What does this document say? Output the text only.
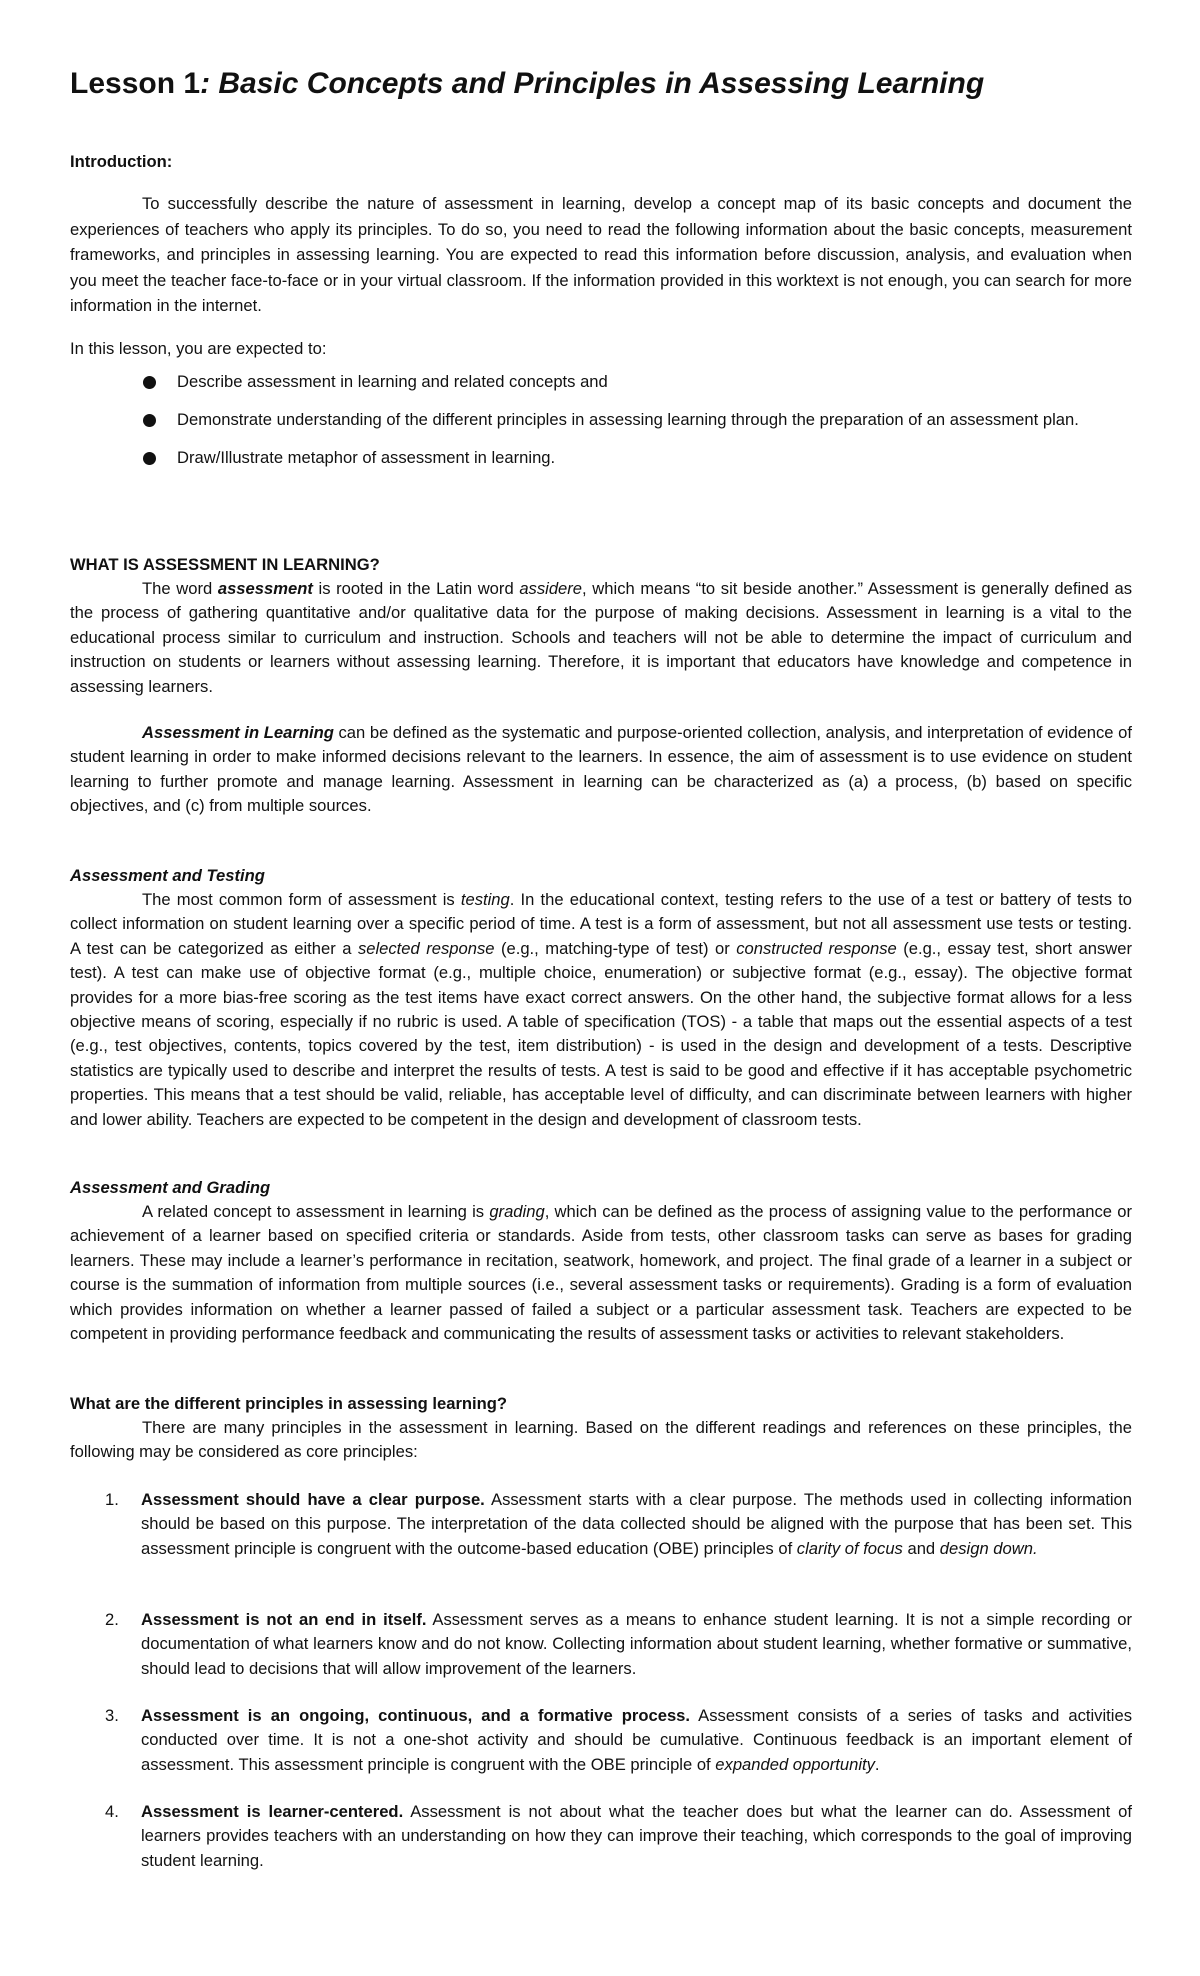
Lesson 1: Basic Concepts and Principles in Assessing Learning
Introduction:

To successfully describe the nature of assessment in learning, develop a concept map of its basic concepts and document the experiences of teachers who apply its principles. To do so, you need to read the following information about the basic concepts, measurement frameworks, and principles in assessing learning. You are expected to read this information before discussion, analysis, and evaluation when you meet the teacher face-to-face or in your virtual classroom. If the information provided in this worktext is not enough, you can search for more information in the internet.

In this lesson, you are expected to:
Describe assessment in learning and related concepts and
Demonstrate understanding of the different principles in assessing learning through the preparation of an assessment plan.
Draw/Illustrate metaphor of assessment in learning.
WHAT IS ASSESSMENT IN LEARNING?

The word assessment is rooted in the Latin word assidere, which means “to sit beside another.” Assessment is generally defined as the process of gathering quantitative and/or qualitative data for the purpose of making decisions. Assessment in learning is a vital to the educational process similar to curriculum and instruction. Schools and teachers will not be able to determine the impact of curriculum and instruction on students or learners without assessing learning. Therefore, it is important that educators have knowledge and competence in assessing learners.

Assessment in Learning can be defined as the systematic and purpose-oriented collection, analysis, and interpretation of evidence of student learning in order to make informed decisions relevant to the learners. In essence, the aim of assessment is to use evidence on student learning to further promote and manage learning. Assessment in learning can be characterized as (a) a process, (b) based on specific objectives, and (c) from multiple sources.

Assessment and Testing

The most common form of assessment is testing. In the educational context, testing refers to the use of a test or battery of tests to collect information on student learning over a specific period of time. A test is a form of assessment, but not all assessment use tests or testing. A test can be categorized as either a selected response (e.g., matching-type of test) or constructed response (e.g., essay test, short answer test). A test can make use of objective format (e.g., multiple choice, enumeration) or subjective format (e.g., essay). The objective format provides for a more bias-free scoring as the test items have exact correct answers. On the other hand, the subjective format allows for a less objective means of scoring, especially if no rubric is used. A table of specification (TOS) - a table that maps out the essential aspects of a test (e.g., test objectives, contents, topics covered by the test, item distribution) - is used in the design and development of a tests. Descriptive statistics are typically used to describe and interpret the results of tests. A test is said to be good and effective if it has acceptable psychometric properties. This means that a test should be valid, reliable, has acceptable level of difficulty, and can discriminate between learners with higher and lower ability. Teachers are expected to be competent in the design and development of classroom tests.

Assessment and Grading

A related concept to assessment in learning is grading, which can be defined as the process of assigning value to the performance or achievement of a learner based on specified criteria or standards. Aside from tests, other classroom tasks can serve as bases for grading learners. These may include a learner’s performance in recitation, seatwork, homework, and project. The final grade of a learner in a subject or course is the summation of information from multiple sources (i.e., several assessment tasks or requirements). Grading is a form of evaluation which provides information on whether a learner passed of failed a subject or a particular assessment task. Teachers are expected to be competent in providing performance feedback and communicating the results of assessment tasks or activities to relevant stakeholders.

What are the different principles in assessing learning?

There are many principles in the assessment in learning. Based on the different readings and references on these principles, the following may be considered as core principles:

1. Assessment should have a clear purpose. Assessment starts with a clear purpose. The methods used in collecting information should be based on this purpose. The interpretation of the data collected should be aligned with the purpose that has been set. This assessment principle is congruent with the outcome-based education (OBE) principles of clarity of focus and design down.

2. Assessment is not an end in itself. Assessment serves as a means to enhance student learning. It is not a simple recording or documentation of what learners know and do not know. Collecting information about student learning, whether formative or summative, should lead to decisions that will allow improvement of the learners.

3. Assessment is an ongoing, continuous, and a formative process. Assessment consists of a series of tasks and activities conducted over time. It is not a one-shot activity and should be cumulative. Continuous feedback is an important element of assessment. This assessment principle is congruent with the OBE principle of expanded opportunity.

4. Assessment is learner-centered. Assessment is not about what the teacher does but what the learner can do. Assessment of learners provides teachers with an understanding on how they can improve their teaching, which corresponds to the goal of improving student learning.
